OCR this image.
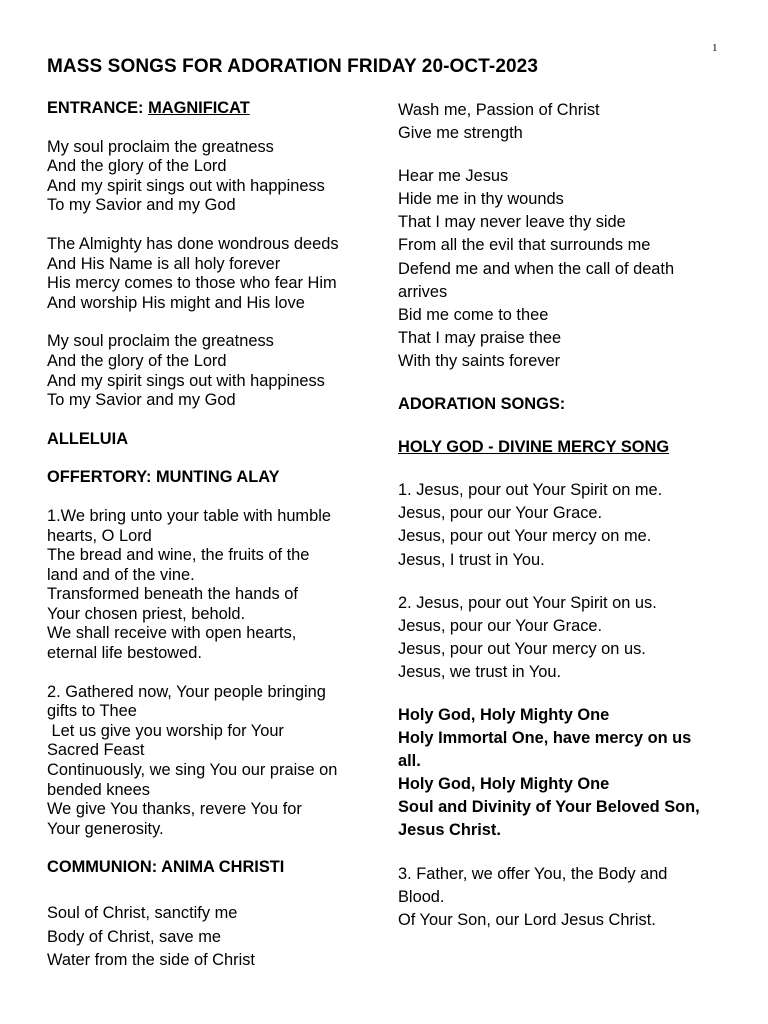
1
MASS SONGS FOR ADORATION FRIDAY 20-OCT-2023
ENTRANCE: MAGNIFICAT
My soul proclaim the greatness
And the glory of the Lord
And my spirit sings out with happiness
To my Savior and my God
The Almighty has done wondrous deeds
And His Name is all holy forever
His mercy comes to those who fear Him
And worship His might and His love
My soul proclaim the greatness
And the glory of the Lord
And my spirit sings out with happiness
To my Savior and my God
ALLELUIA
OFFERTORY: MUNTING ALAY
1.We bring unto your table with humble
hearts, O Lord
The bread and wine, the fruits of the
land and of the vine.
Transformed beneath the hands of
Your chosen priest, behold.
We shall receive with open hearts,
eternal life bestowed.
2. Gathered now, Your people bringing
gifts to Thee
Let us give you worship for Your
Sacred Feast
Continuously, we sing You our praise on
bended knees
We give You thanks, revere You for
Your generosity.
COMMUNION: ANIMA CHRISTI
Soul of Christ, sanctify me
Body of Christ, save me
Water from the side of Christ
Wash me, Passion of Christ
Give me strength
Hear me Jesus
Hide me in thy wounds
That I may never leave thy side
From all the evil that surrounds me
Defend me and when the call of death
arrives
Bid me come to thee
That I may praise thee
With thy saints forever
ADORATION SONGS:
HOLY GOD - DIVINE MERCY SONG
1. Jesus, pour out Your Spirit on me.
Jesus, pour our Your Grace.
Jesus, pour out Your mercy on me.
Jesus, I trust in You.
2. Jesus, pour out Your Spirit on us.
Jesus, pour our Your Grace.
Jesus, pour out Your mercy on us.
Jesus, we trust in You.
Holy God, Holy Mighty One
Holy Immortal One, have mercy on us
all.
Holy God, Holy Mighty One
Soul and Divinity of Your Beloved Son,
Jesus Christ.
3. Father, we offer You, the Body and
Blood.
Of Your Son, our Lord Jesus Christ.
